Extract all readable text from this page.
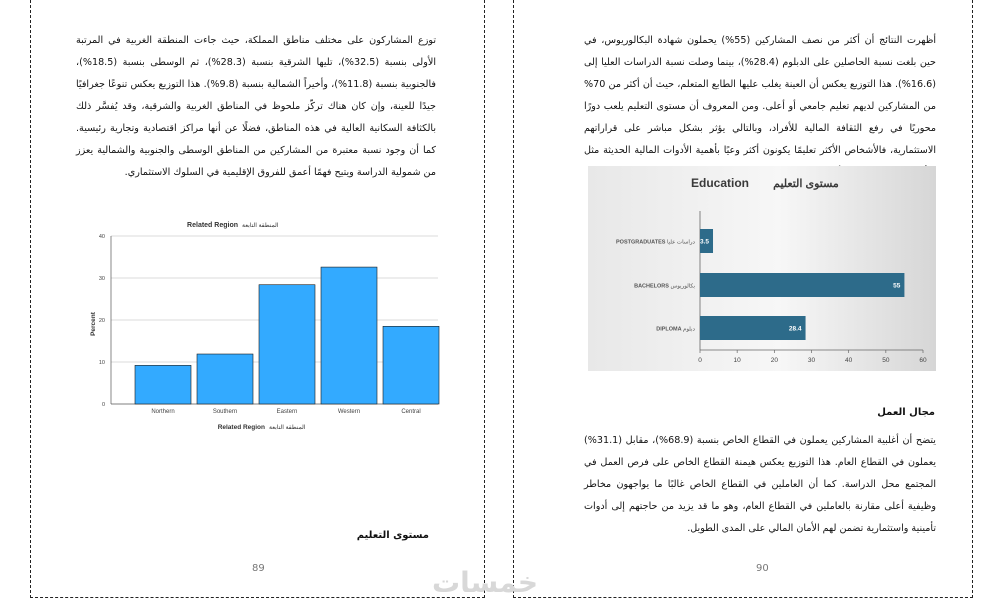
توزع المشاركون على مختلف مناطق المملكة، حيث جاءت المنطقة الغربية في المرتبة الأولى بنسبة (32.5%)، تليها الشرقية بنسبة (28.3%)، ثم الوسطى بنسبة (18.5%)، فالجنوبية بنسبة (11.8%)، وأخيراً الشمالية بنسبة (9.8%). هذا التوزيع يعكس تنوعًا جغرافيًا جيدًا للعينة، وإن كان هناك تركّز ملحوظ في المناطق الغربية والشرقية، وقد يُفسَّر ذلك بالكثافة السكانية العالية في هذه المناطق، فضلًا عن أنها مراكز اقتصادية وتجارية رئيسية. كما أن وجود نسبة معتبرة من المشاركين من المناطق الوسطى والجنوبية والشمالية يعزز من شمولية الدراسة ويتيح فهمًا أعمق للفروق الإقليمية في السلوك الاستثماري.
Related Region المنطقة التابعة
Northern	Southern	Eastern	Western	Central
0
10
20
30
40
Percent
Related Region المنطقة التابعة
مستوى التعليم
89
أظهرت النتائج أن أكثر من نصف المشاركين (55%) يحملون شهادة البكالوريوس، في حين بلغت نسبة الحاصلين على الدبلوم (28.4%)، بينما وصلت نسبة الدراسات العليا إلى (16.6%). هذا التوزيع يعكس أن العينة يغلب عليها الطابع المتعلم، حيث أن أكثر من 70% من المشاركين لديهم تعليم جامعي أو أعلى. ومن المعروف أن مستوى التعليم يلعب دورًا محوريًا في رفع الثقافة المالية للأفراد، وبالتالي يؤثر بشكل مباشر على قراراتهم الاستثمارية، فالأشخاص الأكثر تعليمًا يكونون أكثر وعيًا بأهمية الأدوات المالية الحديثة مثل
Education مستوى التعليم
3.5
55
28.4
POSTGRADUATES دراسات عليا
BACHELORS بكالوريوس
DIPLOMA دبلوم
0	10	20	30	40	50	60
مجال العمل
يتضح أن أغلبية المشاركين يعملون في القطاع الخاص بنسبة (68.9%)، مقابل (31.1%) يعملون في القطاع العام. هذا التوزيع يعكس هيمنة القطاع الخاص على فرص العمل في المجتمع محل الدراسة. كما أن العاملين في القطاع الخاص غالبًا ما يواجهون مخاطر وظيفية أعلى مقارنة بالعاملين في القطاع العام، وهو ما قد يزيد من حاجتهم إلى أدوات تأمينية واستثمارية تضمن لهم الأمان المالي على المدى الطويل.
90
خمسات
